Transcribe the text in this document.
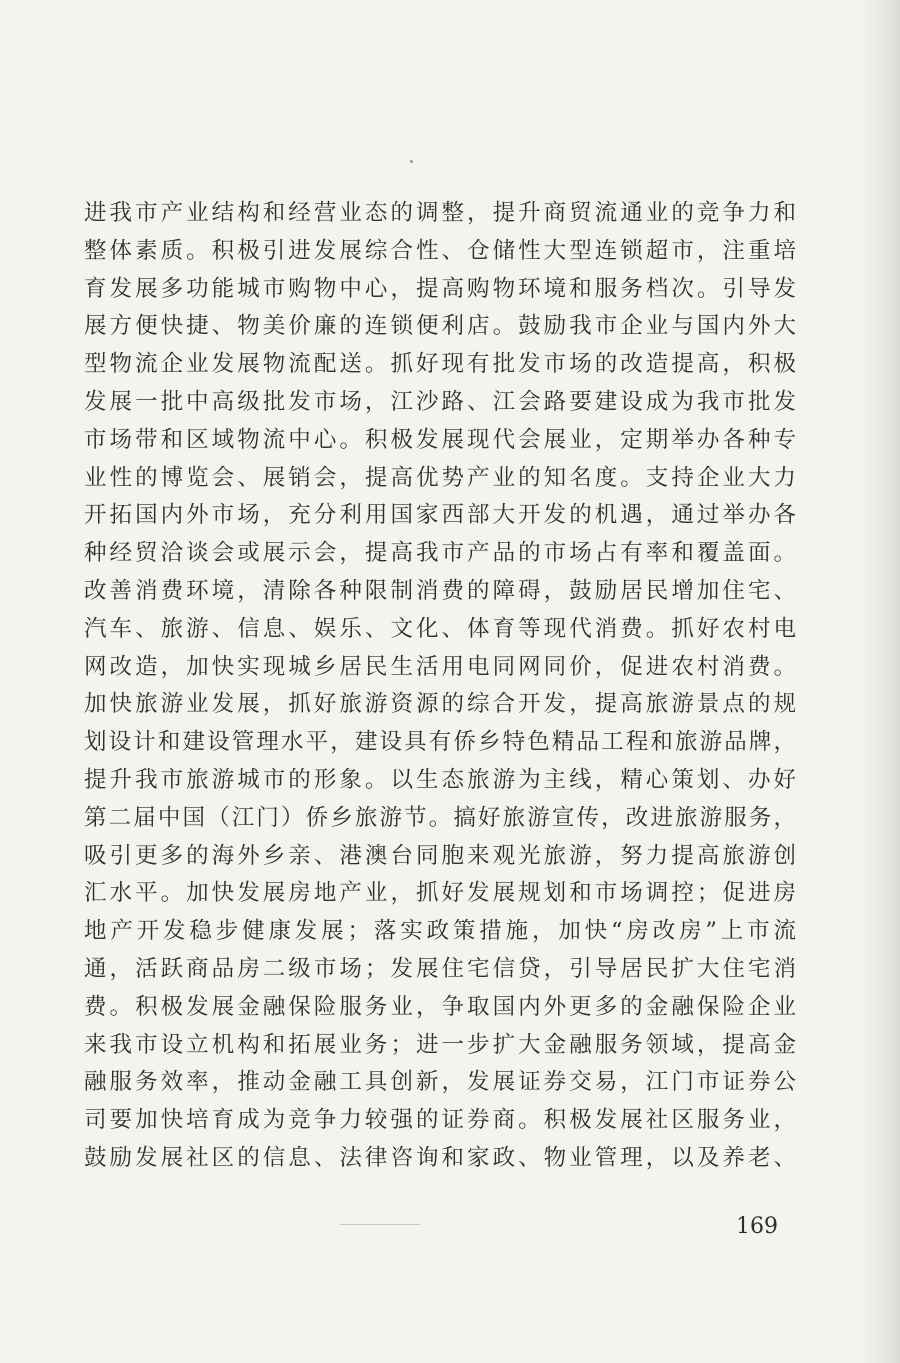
进我市产业结构和经营业态的调整，提升商贸流通业的竞争力和
整体素质。积极引进发展综合性、仓储性大型连锁超市，注重培
育发展多功能城市购物中心，提高购物环境和服务档次。引导发
展方便快捷、物美价廉的连锁便利店。鼓励我市企业与国内外大
型物流企业发展物流配送。抓好现有批发市场的改造提高，积极
发展一批中高级批发市场，江沙路、江会路要建设成为我市批发
市场带和区域物流中心。积极发展现代会展业，定期举办各种专
业性的博览会、展销会，提高优势产业的知名度。支持企业大力
开拓国内外市场，充分利用国家西部大开发的机遇，通过举办各
种经贸洽谈会或展示会，提高我市产品的市场占有率和覆盖面。
改善消费环境，清除各种限制消费的障碍，鼓励居民增加住宅、
汽车、旅游、信息、娱乐、文化、体育等现代消费。抓好农村电
网改造，加快实现城乡居民生活用电同网同价，促进农村消费。
加快旅游业发展，抓好旅游资源的综合开发，提高旅游景点的规
划设计和建设管理水平，建设具有侨乡特色精品工程和旅游品牌，
提升我市旅游城市的形象。以生态旅游为主线，精心策划、办好
第二届中国（江门）侨乡旅游节。搞好旅游宣传，改进旅游服务，
吸引更多的海外乡亲、港澳台同胞来观光旅游，努力提高旅游创
汇水平。加快发展房地产业，抓好发展规划和市场调控；促进房
地产开发稳步健康发展；落实政策措施，加快“房改房”上市流
通，活跃商品房二级市场；发展住宅信贷，引导居民扩大住宅消
费。积极发展金融保险服务业，争取国内外更多的金融保险企业
来我市设立机构和拓展业务；进一步扩大金融服务领域，提高金
融服务效率，推动金融工具创新，发展证券交易，江门市证券公
司要加快培育成为竞争力较强的证券商。积极发展社区服务业，
鼓励发展社区的信息、法律咨询和家政、物业管理，以及养老、
169
